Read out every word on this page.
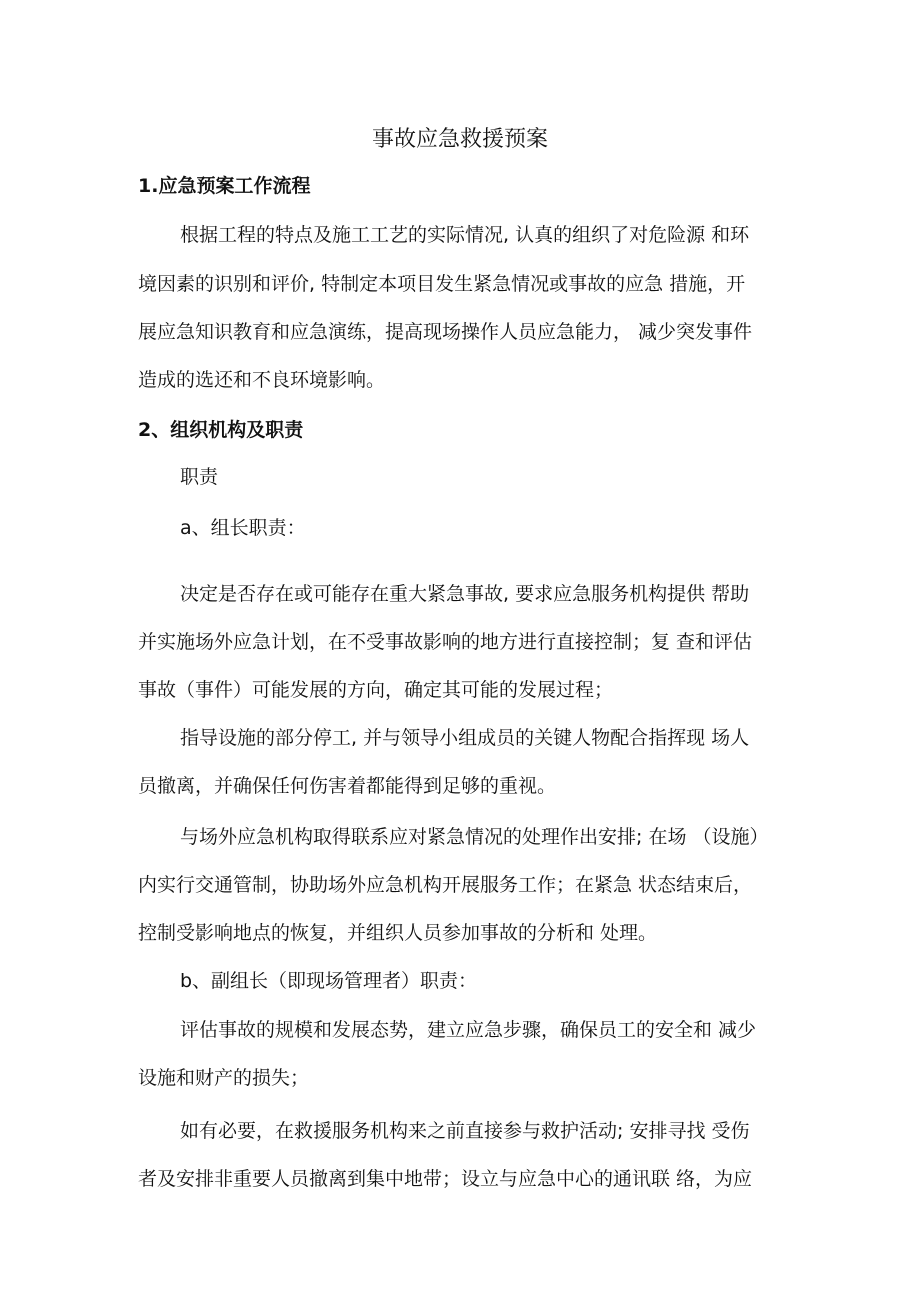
事故应急救援预案
1.应急预案工作流程

根据工程的特点及施工工艺的实际情况, 认真的组织了对危险源 和环

境因素的识别和评价, 特制定本项目发生紧急情况或事故的应急 措施，开

展应急知识教育和应急演练，提高现场操作人员应急能力， 减少突发事件

造成的选还和不良环境影响。

2、组织机构及职责

职责

a、组长职责：

决定是否存在或可能存在重大紧急事故, 要求应急服务机构提供 帮助

并实施场外应急计划，在不受事故影响的地方进行直接控制；复 查和评估

事故（事件）可能发展的方向，确定其可能的发展过程；

指导设施的部分停工, 并与领导小组成员的关键人物配合指挥现 场人

员撤离，并确保任何伤害着都能得到足够的重视。

与场外应急机构取得联系应对紧急情况的处理作出安排; 在场 （设施）

内实行交通管制，协助场外应急机构开展服务工作；在紧急 状态结束后，

控制受影响地点的恢复，并组织人员参加事故的分析和 处理。

b、副组长（即现场管理者）职责：

评估事故的规模和发展态势，建立应急步骤，确保员工的安全和 减少

设施和财产的损失；

如有必要，在救援服务机构来之前直接参与救护活动; 安排寻找 受伤

者及安排非重要人员撤离到集中地带；设立与应急中心的通讯联 络，为应
